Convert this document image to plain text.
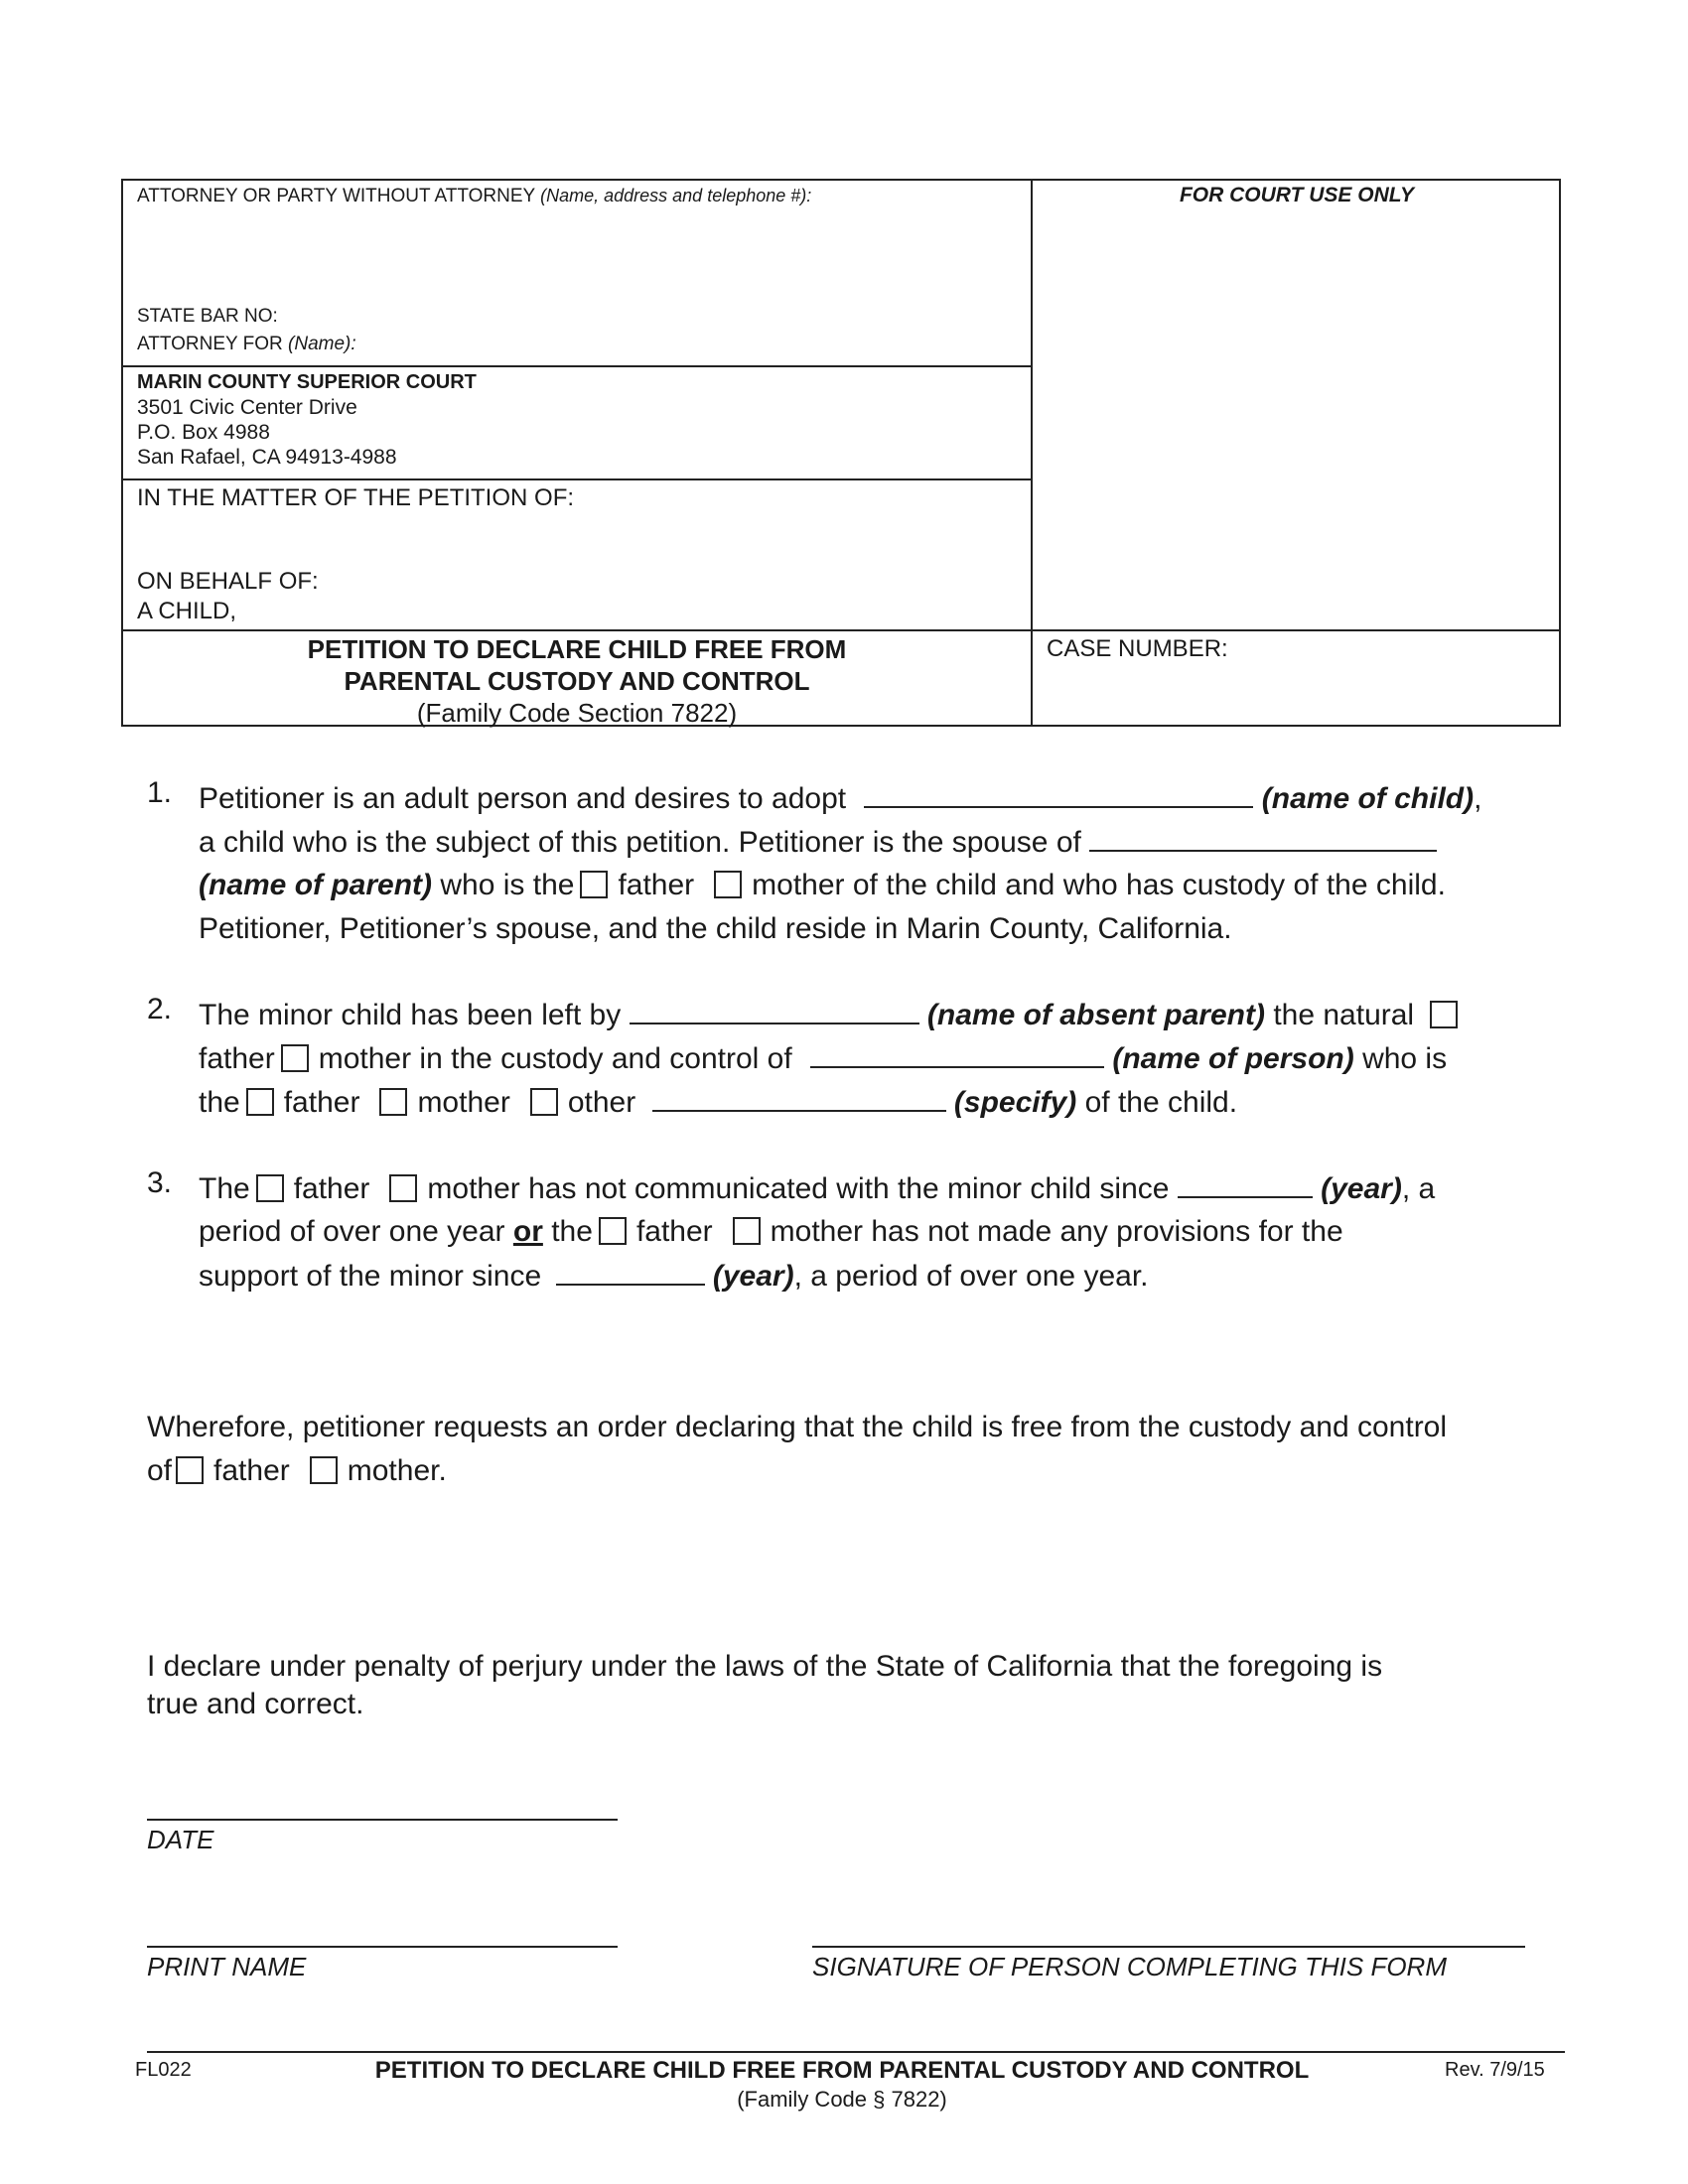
ATTORNEY OR PARTY WITHOUT ATTORNEY (Name, address and telephone #):
STATE BAR NO:
ATTORNEY FOR (Name):
FOR COURT USE ONLY
MARIN COUNTY SUPERIOR COURT
3501 Civic Center Drive
P.O. Box 4988
San Rafael, CA 94913-4988
IN THE MATTER OF THE PETITION OF:
ON BEHALF OF:
A CHILD,
PETITION TO DECLARE CHILD FREE FROM
PARENTAL CUSTODY AND CONTROL
(Family Code Section 7822)
CASE NUMBER:
1. Petitioner is an adult person and desires to adopt	(name of child),
a child who is the subject of this petition. Petitioner is the spouse of
(name of parent) who is the father mother of the child and who has custody of the child.
Petitioner, Petitioner’s spouse, and the child reside in Marin County, California.
2. The minor child has been left by	(name of absent parent) the natural
father mother in the custody and control of	(name of person) who is
the father mother other	(specify) of the child.
3. The father mother has not communicated with the minor child since	(year), a
period of over one year or the father mother has not made any provisions for the
support of the minor since	(year), a period of over one year.
Wherefore, petitioner requests an order declaring that the child is free from the custody and control
of father mother.
I declare under penalty of perjury under the laws of the State of California that the foregoing is
true and correct.
DATE
PRINT NAME	SIGNATURE OF PERSON COMPLETING THIS FORM
FL022	PETITION TO DECLARE CHILD FREE FROM PARENTAL CUSTODY AND CONTROL
(Family Code § 7822)
Rev. 7/9/15
